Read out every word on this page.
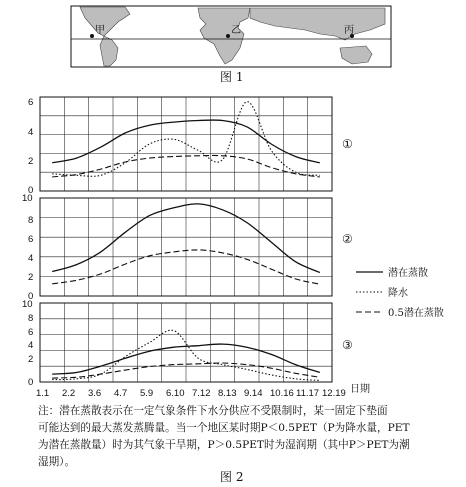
甲	乙	丙
图 1
6
4
2
0
10
8
6
4
2
0
10
8
6
4
2
0
1.1 2.2 3.6 4.7 5.9 6.10 7.12 8.13 9.14 10.16 11.17 12.19 日期
①
②
③
潜在蒸散
降水
0.5潜在蒸散
图 2
注：潜在蒸散表示在一定气象条件下水分供应不受限制时，某一固定下垫面
可能达到的最大蒸发蒸腾量。当一个地区某时期P＜0.5PET（P为降水量，PET
为潜在蒸散量）时为其气象干旱期，P＞0.5PET时为湿润期（其中P＞PET为潮
湿期）。
